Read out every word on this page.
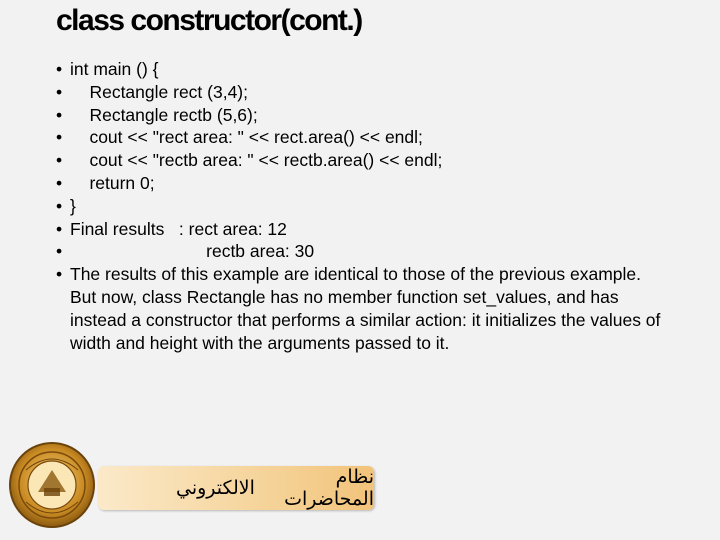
class constructor(cont.)
• int main () {
• Rectangle rect (3,4);
• Rectangle rectb (5,6);
• cout << "rect area: " << rect.area() << endl;
• cout << "rectb area: " << rectb.area() << endl;
• return 0;
• }
• Final results   : rect area: 12
• rectb area: 30
• The results of this example are identical to those of the previous example. But now, class Rectangle has no member function set_values, and has instead a constructor that performs a similar action: it initializes the values of width and height with the arguments passed to it.
نظام المحاضرات
الالكتروني
